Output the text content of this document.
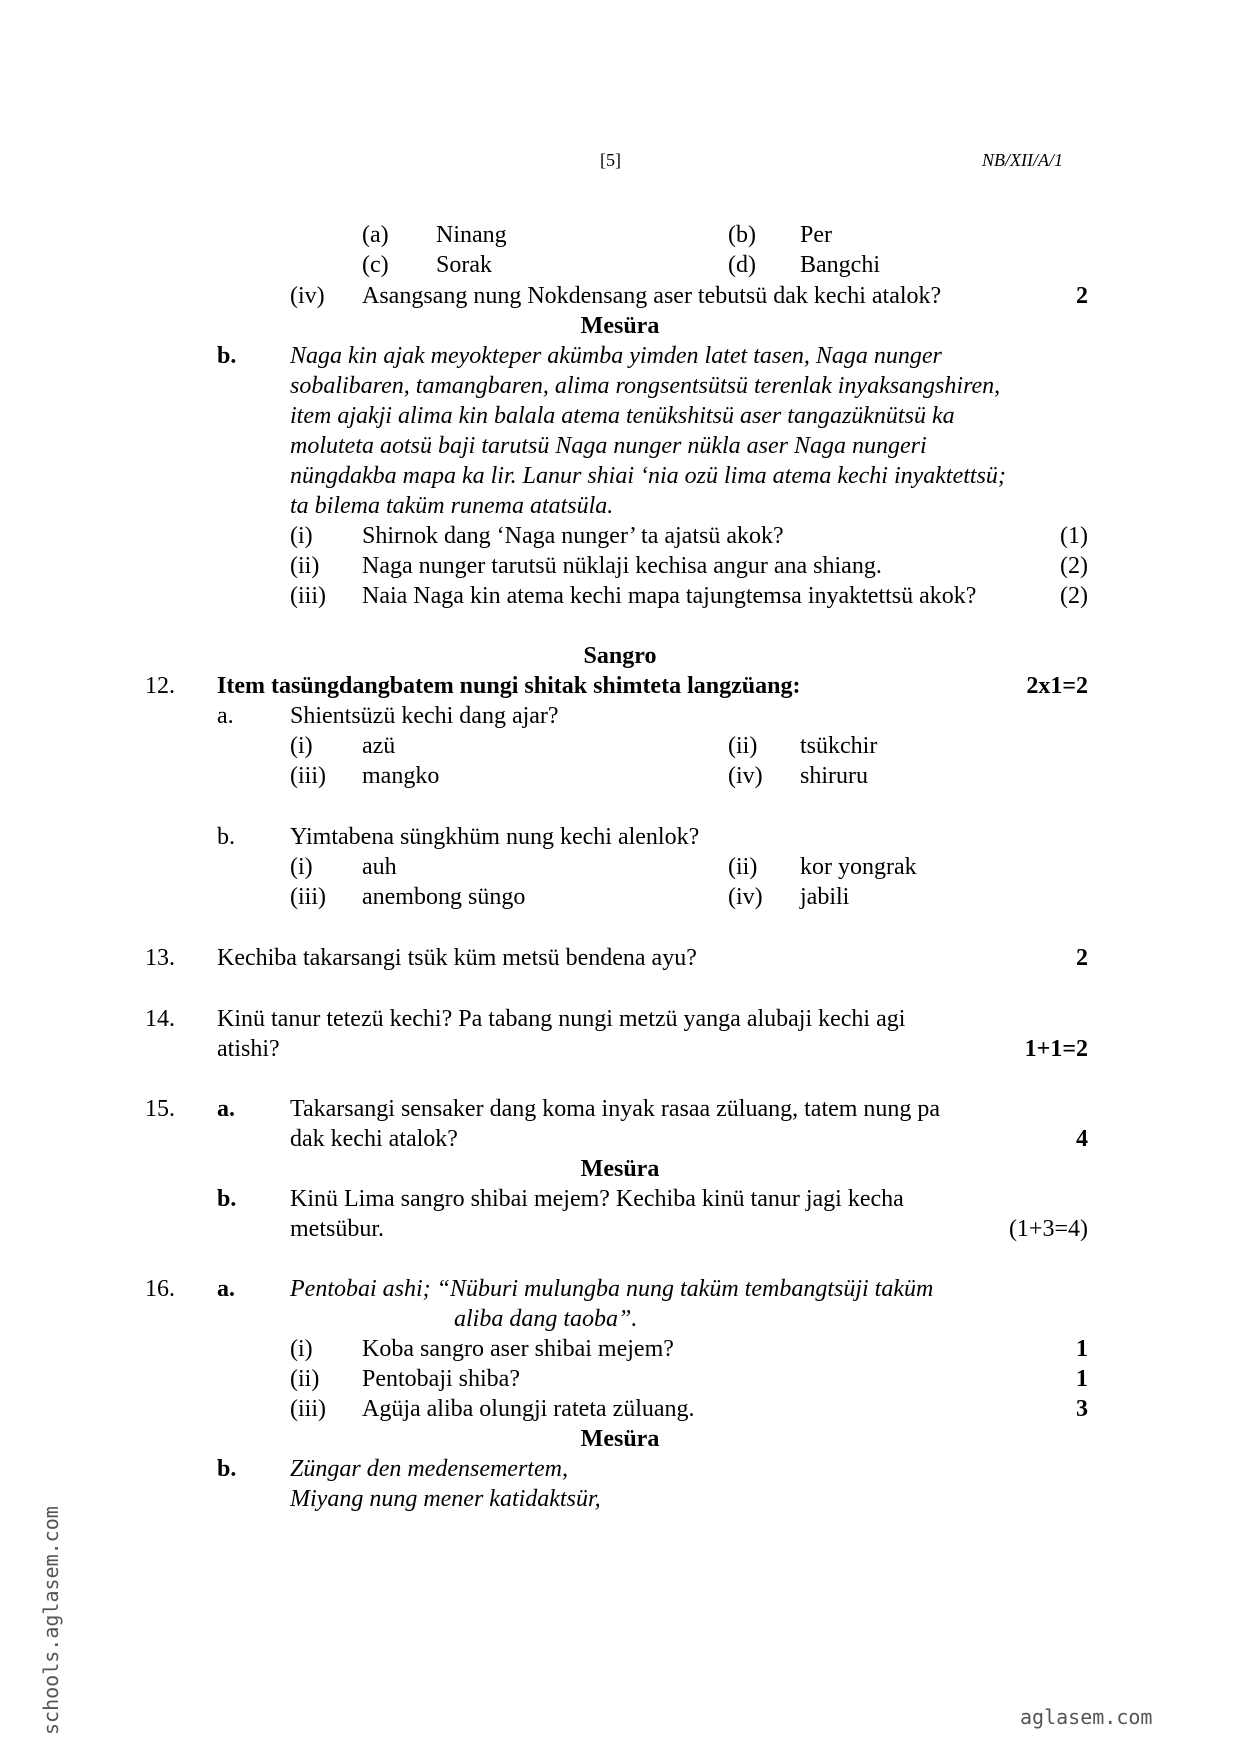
[5]	NB/XII/A/1
(a) Ninang	(b) Per
(c) Sorak	(d) Bangchi
(iv) Asangsang nung Nokdensang aser tebutsü dak kechi atalok?	2
Mesüra
b. Naga kin ajak meyokteper akümba yimden latet tasen, Naga nunger
sobalibaren, tamangbaren, alima rongsentsütsü terenlak inyaksangshiren,
item ajakji alima kin balala atema tenükshitsü aser tangazüknütsü ka
moluteta aotsü baji tarutsü Naga nunger nükla aser Naga nungeri
nüngdakba mapa ka lir. Lanur shiai ‘nia ozü lima atema kechi inyaktettsü;
ta bilema taküm runema atatsüla.
(i) Shirnok dang ‘Naga nunger’ ta ajatsü akok?	(1)
(ii) Naga nunger tarutsü nüklaji kechisa angur ana shiang.	(2)
(iii) Naia Naga kin atema kechi mapa tajungtemsa inyaktettsü akok?	(2)
Sangro
12. Item tasüngdangbatem nungi shitak shimteta langzüang:	2x1=2
a. Shientsüzü kechi dang ajar?
(i) azü	(ii) tsükchir
(iii) mangko	(iv) shiruru
b. Yimtabena süngkhüm nung kechi alenlok?
(i) auh	(ii) kor yongrak
(iii) anembong süngo	(iv) jabili
13. Kechiba takarsangi tsük küm metsü bendena ayu?	2
14. Kinü tanur tetezü kechi? Pa tabang nungi metzü yanga alubaji kechi agi
atishi?	1+1=2
15. a. Takarsangi sensaker dang koma inyak rasaa züluang, tatem nung pa
dak kechi atalok?	4
Mesüra
b. Kinü Lima sangro shibai mejem? Kechiba kinü tanur jagi kecha
metsübur.	(1+3=4)
16. a. Pentobai ashi; “Nüburi mulungba nung taküm tembangtsüji taküm
aliba dang taoba”.
(i) Koba sangro aser shibai mejem?	1
(ii) Pentobaji shiba?	1
(iii) Agüja aliba olungji rateta züluang.	3
Mesüra
b. Züngar den medensemertem,
Miyang nung mener katidaktsür,
schools.aglasem.com	aglasem.com
